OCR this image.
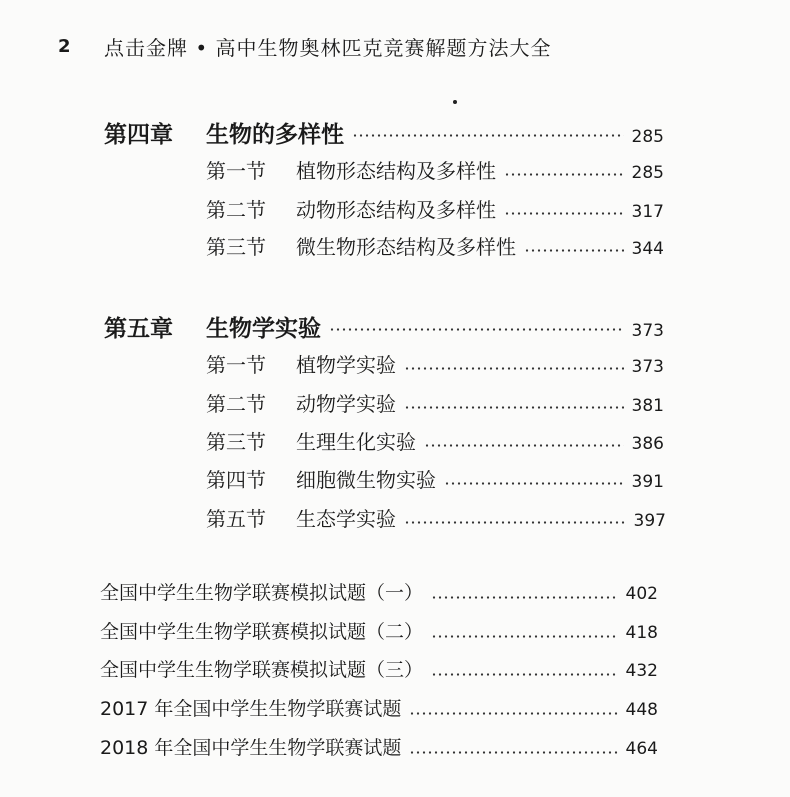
2 点击金牌 • 高中生物奥林匹克竞赛解题方法大全
第四章 生物的多样性	285
第一节 植物形态结构及多样性	285
第二节 动物形态结构及多样性	317
第三节 微生物形态结构及多样性	344
第五章 生物学实验	373
第一节 植物学实验	373
第二节 动物学实验	381
第三节 生理生化实验	386
第四节 细胞微生物实验	391
第五节 生态学实验	397
全国中学生生物学联赛模拟试题（一）	402
全国中学生生物学联赛模拟试题（二）	418
全国中学生生物学联赛模拟试题（三）	432
2017 年全国中学生生物学联赛试题	448
2018 年全国中学生生物学联赛试题	464
